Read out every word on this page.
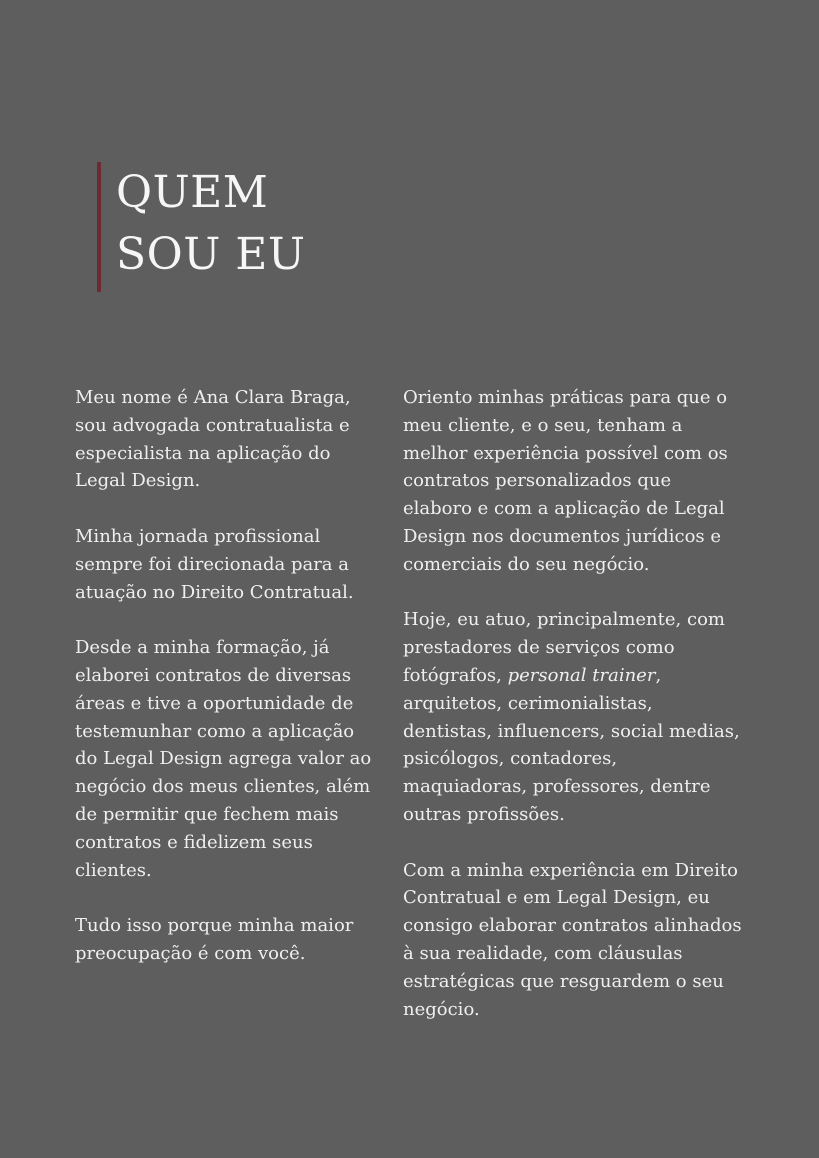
QUEM
SOU EU
Meu nome é Ana Clara Braga,
sou advogada contratualista e
especialista na aplicação do
Legal Design.
Minha jornada profissional
sempre foi direcionada para a
atuação no Direito Contratual.
Desde a minha formação, já
elaborei contratos de diversas
áreas e tive a oportunidade de
testemunhar como a aplicação
do Legal Design agrega valor ao
negócio dos meus clientes, além
de permitir que fechem mais
contratos e fidelizem seus
clientes.
Tudo isso porque minha maior
preocupação é com você.
Oriento minhas práticas para que o
meu cliente, e o seu, tenham a
melhor experiência possível com os
contratos personalizados que
elaboro e com a aplicação de Legal
Design nos documentos jurídicos e
comerciais do seu negócio.
Hoje, eu atuo, principalmente, com
prestadores de serviços como
fotógrafos, personal trainer,
arquitetos, cerimonialistas,
dentistas, influencers, social medias,
psicólogos, contadores,
maquiadoras, professores, dentre
outras profissões.
Com a minha experiência em Direito
Contratual e em Legal Design, eu
consigo elaborar contratos alinhados
à sua realidade, com cláusulas
estratégicas que resguardem o seu
negócio.
